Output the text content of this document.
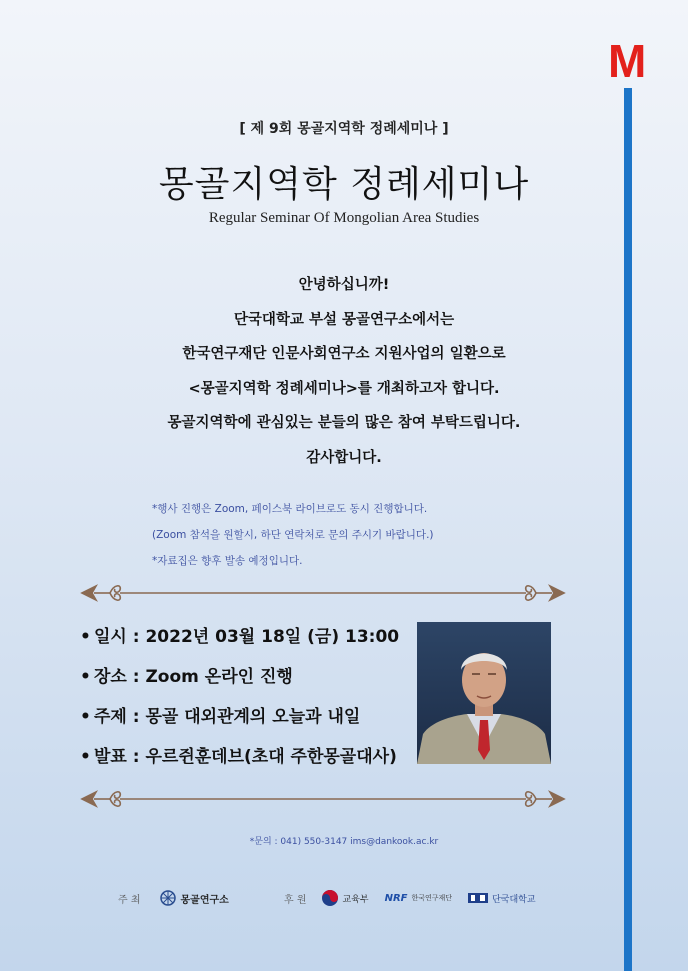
M
[ 제 9회 몽골지역학 정례세미나 ]
몽골지역학 정례세미나
Regular Seminar Of Mongolian Area Studies
안녕하십니까!
단국대학교 부설 몽골연구소에서는
한국연구재단 인문사회연구소 지원사업의 일환으로
<몽골지역학 정례세미나>를 개최하고자 합니다.
몽골지역학에 관심있는 분들의 많은 참여 부탁드립니다.
감사합니다.
*행사 진행은 Zoom, 페이스북 라이브로도 동시 진행합니다.
(Zoom 참석을 원할시, 하단 연락처로 문의 주시기 바랍니다.)
*자료집은 향후 발송 예정입니다.
• 일시 : 2022년 03월 18일 (금) 13:00
• 장소 : Zoom 온라인 진행
• 주제 : 몽골 대외관계의 오늘과 내일
• 발표 : 우르쥔훈데브(초대 주한몽골대사)
*문의 : 041) 550-3147 ims@dankook.ac.kr
주 최	몽골연구소	후 원	교육부 NRF 한국연구재단	단국대학교
